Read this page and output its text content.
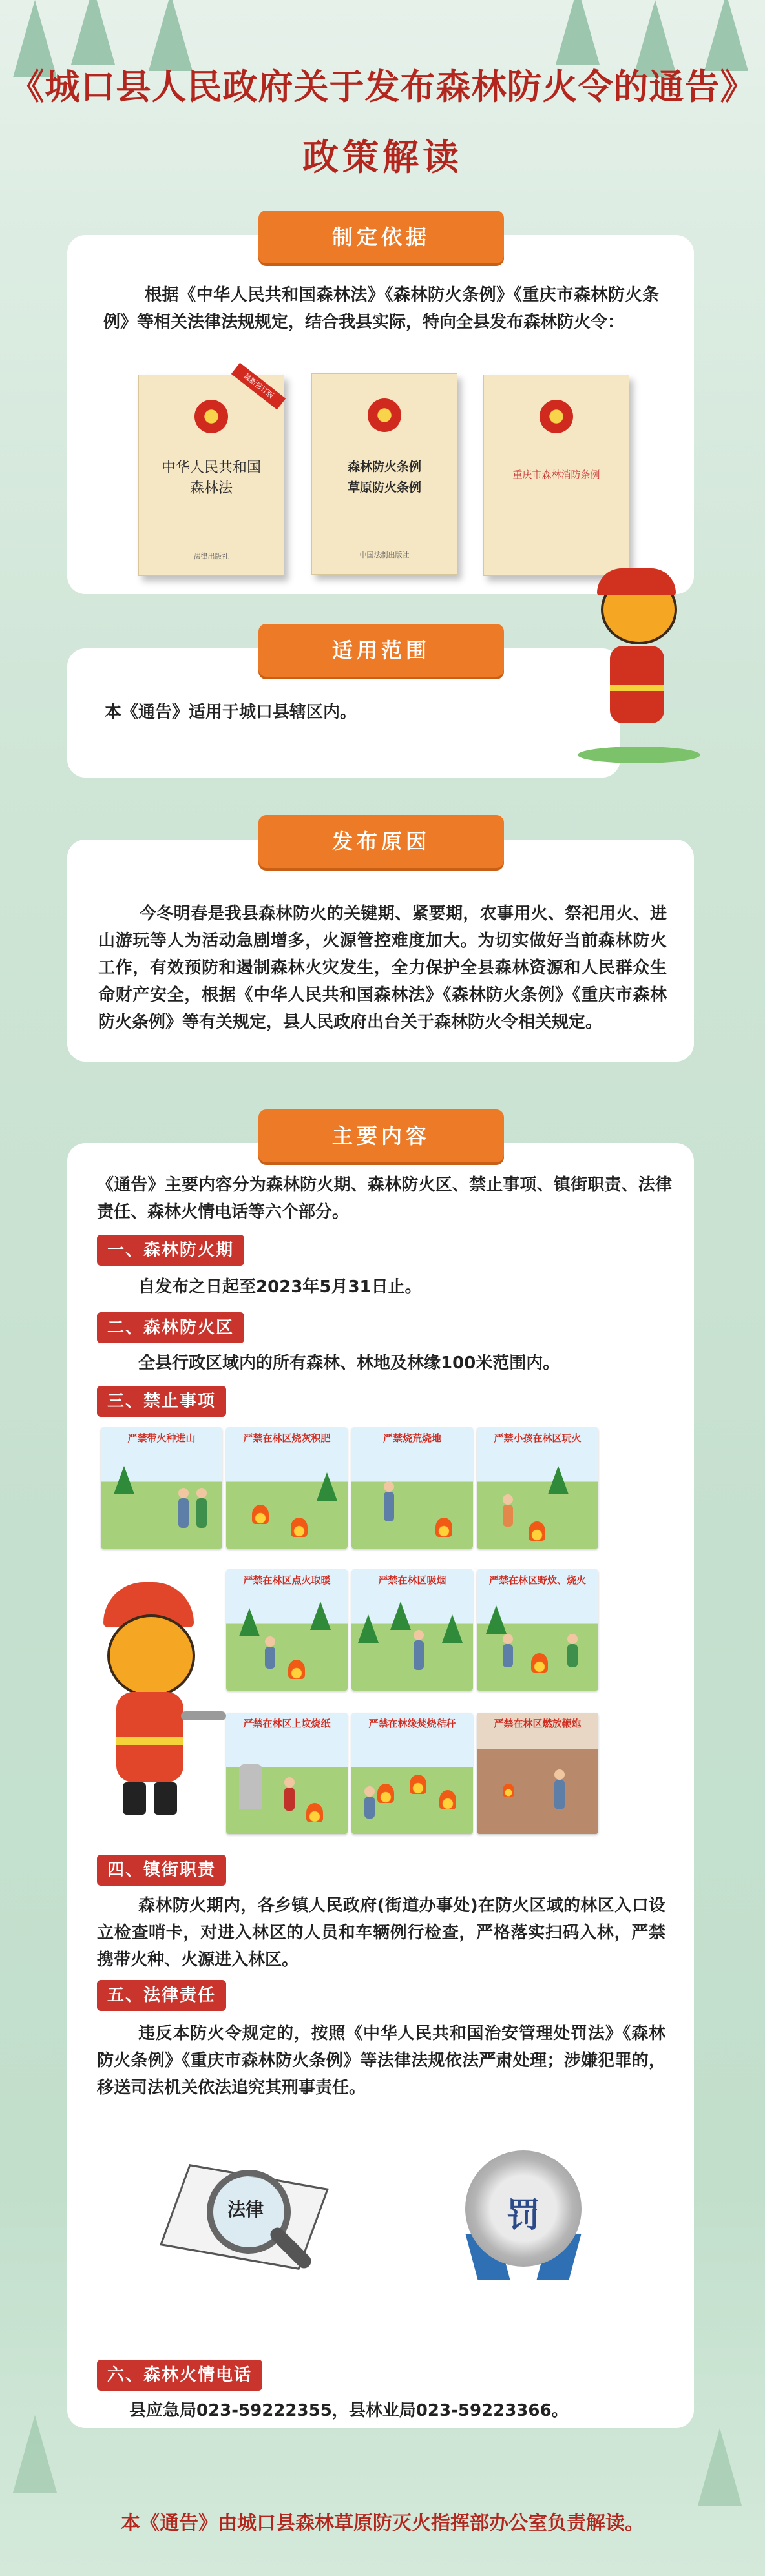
《城口县人民政府关于发布森林防火令的通告》
政策解读
制定依据
根据《中华人民共和国森林法》《森林防火条例》《重庆市森林防火条例》等相关法律法规规定，结合我县实际，特向全县发布森林防火令：
中华人民共和国
森林法
最新修订版
法律出版社
森林防火条例
草原防火条例
中国法制出版社
重庆市森林消防条例
适用范围
本《通告》适用于城口县辖区内。
发布原因
今冬明春是我县森林防火的关键期、紧要期，农事用火、祭祀用火、进山游玩等人为活动急剧增多，火源管控难度加大。为切实做好当前森林防火工作，有效预防和遏制森林火灾发生，全力保护全县森林资源和人民群众生命财产安全，根据《中华人民共和国森林法》《森林防火条例》《重庆市森林防火条例》等有关规定，县人民政府出台关于森林防火令相关规定。
主要内容
《通告》主要内容分为森林防火期、森林防火区、禁止事项、镇街职责、法律责任、森林火情电话等六个部分。
一、森林防火期
自发布之日起至2023年5月31日止。
二、森林防火区
全县行政区域内的所有森林、林地及林缘100米范围内。
三、禁止事项
严禁带火种进山	严禁在林区烧灰积肥	严禁烧荒烧地	严禁小孩在林区玩火
严禁在林区点火取暖	严禁在林区吸烟	严禁在林区野炊、烧火
严禁在林区上坟烧纸	严禁在林缘焚烧秸秆	严禁在林区燃放鞭炮
四、镇街职责
森林防火期内，各乡镇人民政府(街道办事处)在防火区域的林区入口设立检查哨卡，对进入林区的人员和车辆例行检查，严格落实扫码入林，严禁携带火种、火源进入林区。
五、法律责任
违反本防火令规定的，按照《中华人民共和国治安管理处罚法》《森林防火条例》《重庆市森林防火条例》等法律法规依法严肃处理；涉嫌犯罪的，移送司法机关依法追究其刑事责任。
法律	罚
六、森林火情电话
县应急局023-59222355，县林业局023-59223366。
本《通告》由城口县森林草原防灭火指挥部办公室负责解读。
